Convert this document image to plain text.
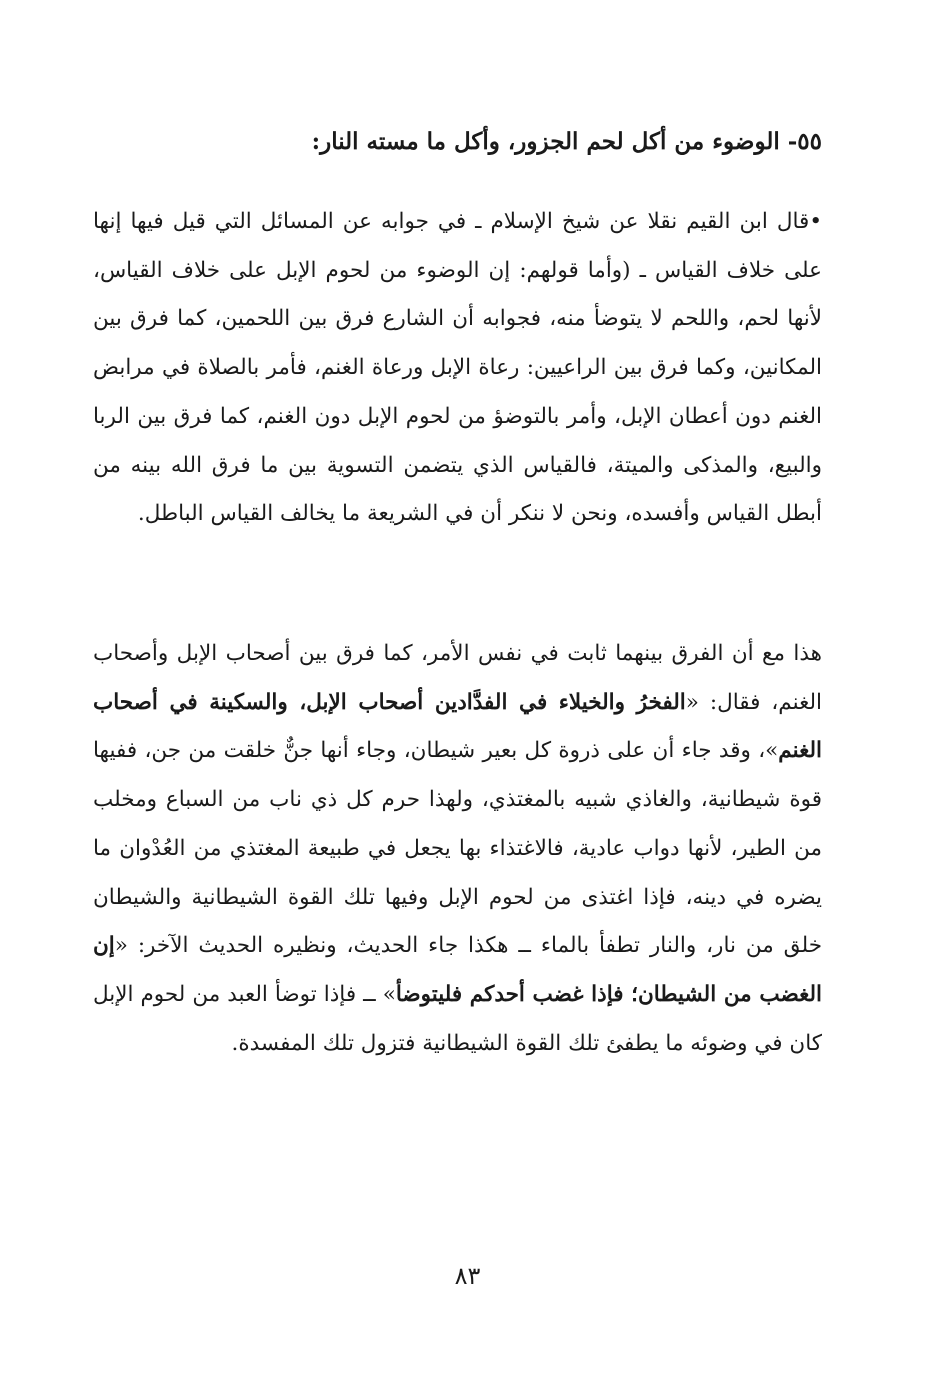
٥٥- الوضوء من أكل لحم الجزور، وأكل ما مسته النار:

•قال ابن القيم نقلا عن شيخ الإسلام ـ في جوابه عن المسائل التي قيل فيها إنها على خلاف القياس ـ (وأما قولهم: إن الوضوء من لحوم الإبل على خلاف القياس، لأنها لحم، واللحم لا يتوضأ منه، فجوابه أن الشارع فرق بين اللحمين، كما فرق بين المكانين، وكما فرق بين الراعيين: رعاة الإبل ورعاة الغنم، فأمر بالصلاة في مرابض الغنم دون أعطان الإبل، وأمر بالتوضؤ من لحوم الإبل دون الغنم، كما فرق بين الربا والبيع، والمذكى والميتة، فالقياس الذي يتضمن التسوية بين ما فرق الله بينه من أبطل القياس وأفسده، ونحن لا ننكر أن في الشريعة ما يخالف القياس الباطل.

هذا مع أن الفرق بينهما ثابت في نفس الأمر، كما فرق بين أصحاب الإبل وأصحاب الغنم، فقال: «الفخرُ والخيلاء في الفدَّادين أصحاب الإبل، والسكينة في أصحاب الغنم»، وقد جاء أن على ذروة كل بعير شيطان، وجاء أنها جنٌّ خلقت من جن، ففيها قوة شيطانية، والغاذي شبيه بالمغتذي، ولهذا حرم كل ذي ناب من السباع ومخلب من الطير، لأنها دواب عادية، فالاغتذاء بها يجعل في طبيعة المغتذي من العُدْوان ما يضره في دينه، فإذا اغتذى من لحوم الإبل وفيها تلك القوة الشيطانية والشيطان خلق من نار، والنار تطفأ بالماء ــ هكذا جاء الحديث، ونظيره الحديث الآخر: «إن الغضب من الشيطان؛ فإذا غضب أحدكم فليتوضأ» ــ فإذا توضأ العبد من لحوم الإبل كان في وضوئه ما يطفئ تلك القوة الشيطانية فتزول تلك المفسدة.

٨٣
